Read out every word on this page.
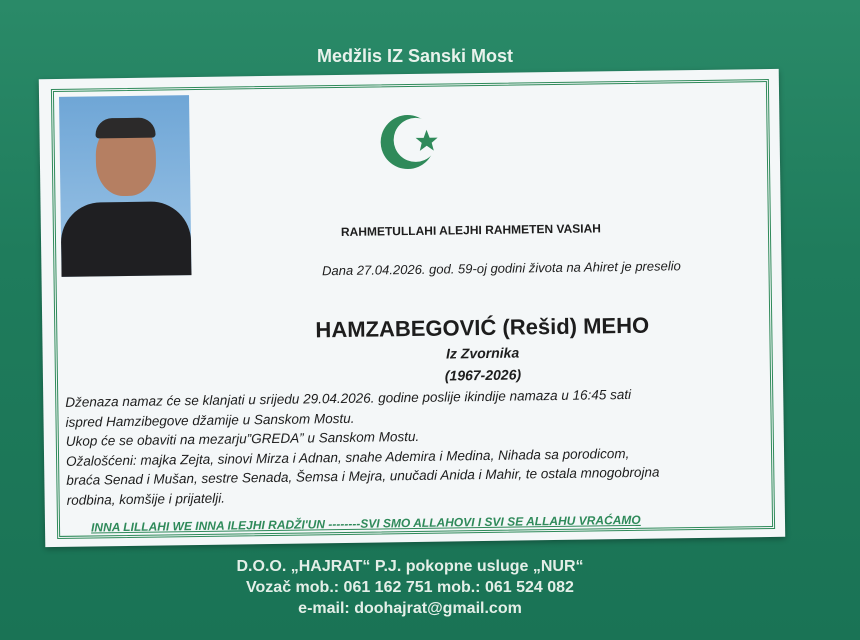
Medžlis IZ Sanski Most
RAHMETULLAHI ALEJHI RAHMETEN VASIAH
Dana 27.04.2026. god. 59-oj godini života na Ahiret je preselio
HAMZABEGOVIĆ (Rešid) MEHO
Iz Zvornika
(1967-2026)
Dženaza namaz će se klanjati u srijedu 29.04.2026. godine poslije ikindije namaza u 16:45 sati
ispred Hamzibegove džamije u Sanskom Mostu.
Ukop će se obaviti na mezarju”GREDA” u Sanskom Mostu.
Ožalošćeni: majka Zejta, sinovi Mirza i Adnan, snahe Ademira i Medina, Nihada sa porodicom,
braća Senad i Mušan, sestre Senada, Šemsa i Mejra, unučadi Anida i Mahir, te ostala mnogobrojna
rodbina, komšije i prijatelji.
INNA LILLAHI WE INNA ILEJHI RADŽI'UN --------SVI SMO ALLAHOVI I SVI SE ALLAHU VRAĆAMO
D.O.O. „HAJRAT“ P.J. pokopne usluge „NUR“
Vozač mob.: 061 162 751 mob.: 061 524 082
e-mail: doohajrat@gmail.com
